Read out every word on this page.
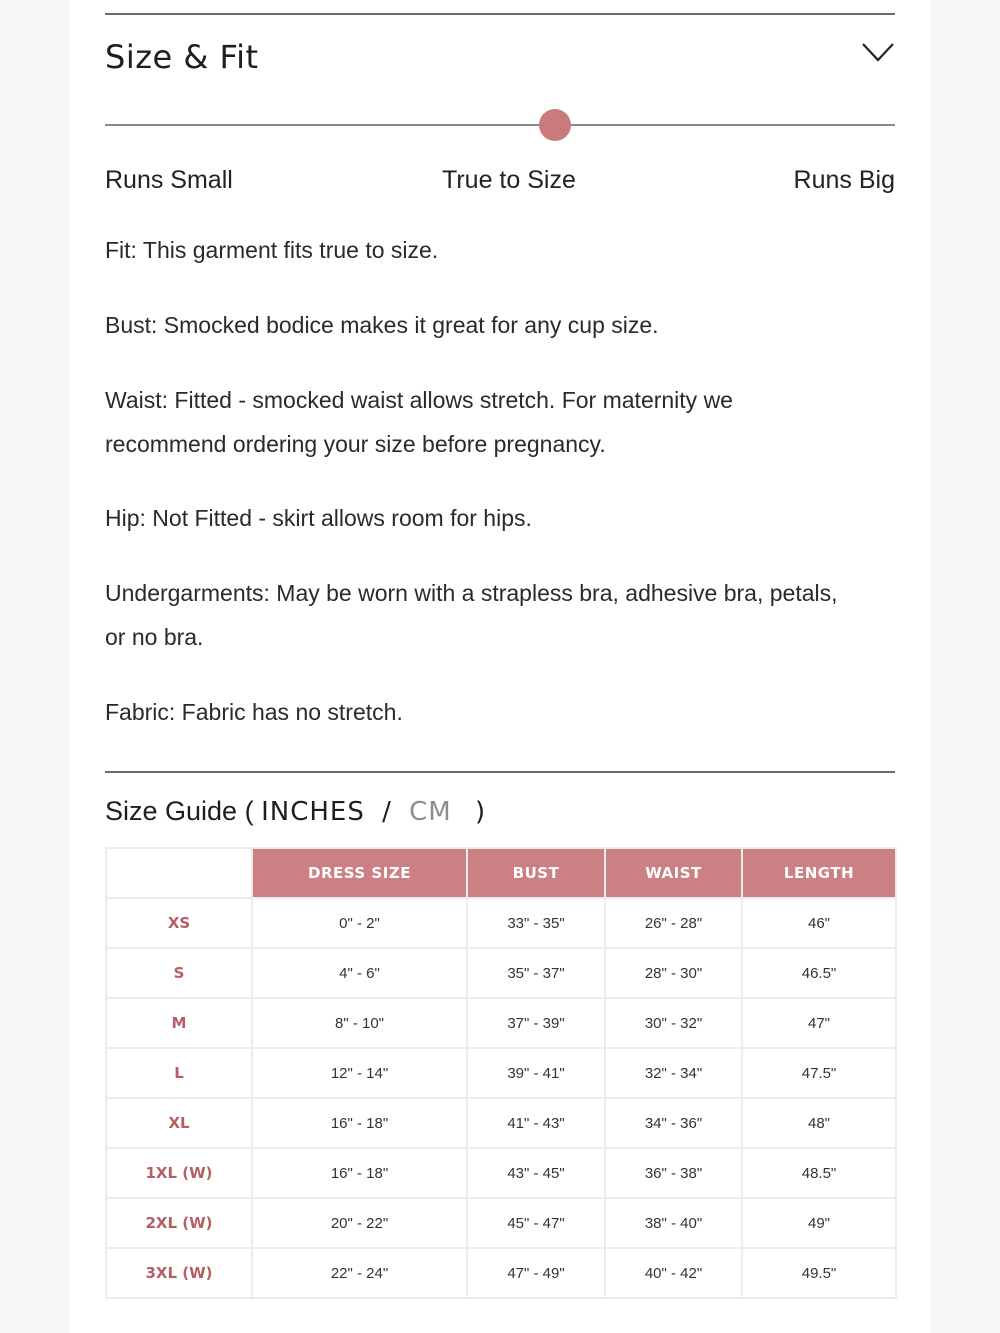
Size & Fit
Runs Small	True to Size	Runs Big
Fit: This garment fits true to size.
Bust: Smocked bodice makes it great for any cup size.
Waist: Fitted - smocked waist allows stretch. For maternity we recommend ordering your size before pregnancy.
Hip: Not Fitted - skirt allows room for hips.
Undergarments: May be worn with a strapless bra, adhesive bra, petals, or no bra.
Fabric: Fabric has no stretch.
Size Guide ( INCHES / CM )
	DRESS SIZE	BUST	WAIST	LENGTH
XS	0" - 2"	33" - 35"	26" - 28"	46"
S	4" - 6"	35" - 37"	28" - 30"	46.5"
M	8" - 10"	37" - 39"	30" - 32"	47"
L	12" - 14"	39" - 41"	32" - 34"	47.5"
XL	16" - 18"	41" - 43"	34" - 36"	48"
1XL (W)	16" - 18"	43" - 45"	36" - 38"	48.5"
2XL (W)	20" - 22"	45" - 47"	38" - 40"	49"
3XL (W)	22" - 24"	47" - 49"	40" - 42"	49.5"
